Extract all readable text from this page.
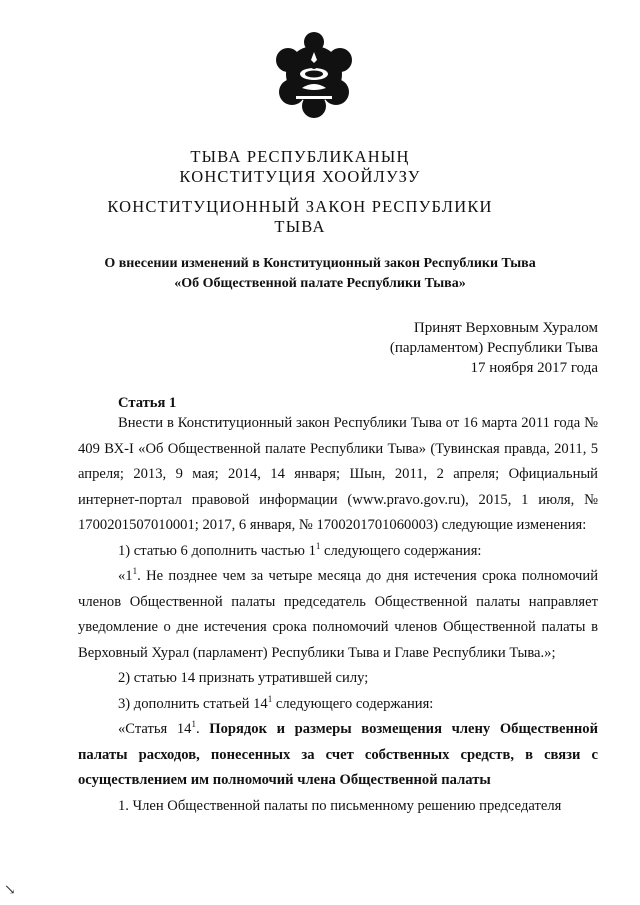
ТЫВА РЕСПУБЛИКАНЫҢ КОНСТИТУЦИЯ ХООЙЛУЗУ
КОНСТИТУЦИОННЫЙ ЗАКОН РЕСПУБЛИКИ ТЫВА
О внесении изменений в Конституционный закон Республики Тыва
«Об Общественной палате Республики Тыва»
Принят Верховным Хуралом
(парламентом) Республики Тыва
17 ноября 2017 года
Статья 1
Внести в Конституционный закон Республики Тыва от 16 марта 2011 года № 409 ВХ-I «Об Общественной палате Республики Тыва» (Тувинская правда, 2011, 5 апреля; 2013, 9 мая; 2014, 14 января; Шын, 2011, 2 апреля; Официальный интернет-портал правовой информации (www.pravo.gov.ru), 2015, 1 июля, № 1700201507010001; 2017, 6 января, № 1700201701060003) следующие изменения:
1) статью 6 дополнить частью $1^1$ следующего содержания:
«$1^1$. Не позднее чем за четыре месяца до дня истечения срока полномочий членов Общественной палаты председатель Общественной палаты направляет уведомление о дне истечения срока полномочий членов Общественной палаты в Верховный Хурал (парламент) Республики Тыва и Главе Республики Тыва.»;
2) статью 14 признать утратившей силу;
3) дополнить статьей $14^1$ следующего содержания:
«Статья $14^1$. Порядок и размеры возмещения члену Общественной палаты расходов, понесенных за счет собственных средств, в связи с осуществлением им полномочий члена Общественной палаты
1. Член Общественной палаты по письменному решению председателя
↘
